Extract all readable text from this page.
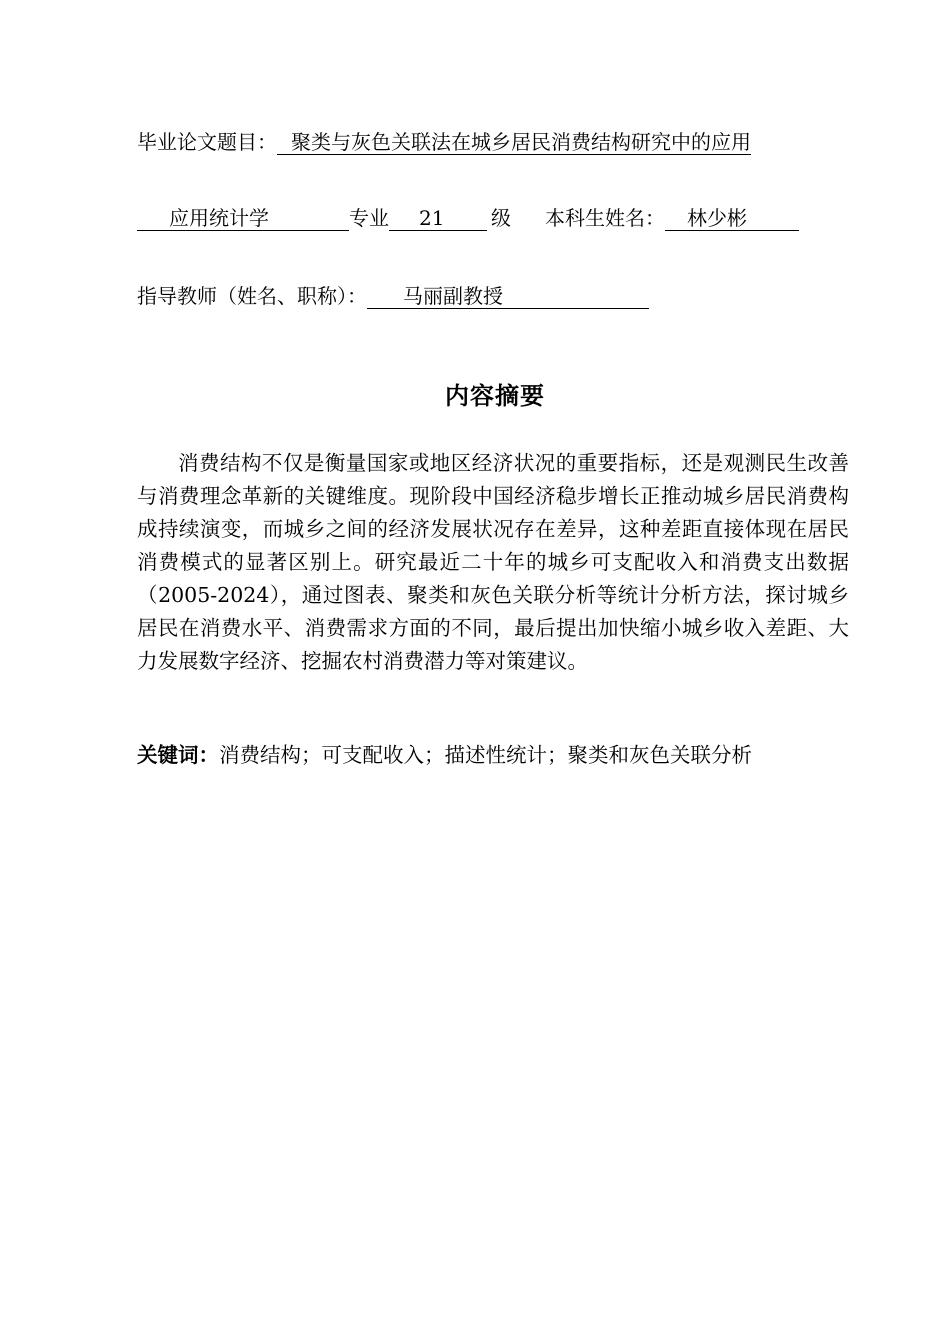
毕业论文题目： 聚类与灰色关联法在城乡居民消费结构研究中的应用
应用统计学	专业 21 级 本科生姓名： 林少彬
指导教师（姓名、职称）： 马丽副教授
内容摘要

消费结构不仅是衡量国家或地区经济状况的重要指标，还是观测民生改善与消费理念革新的关键维度。现阶段中国经济稳步增长正推动城乡居民消费构成持续演变，而城乡之间的经济发展状况存在差异，这种差距直接体现在居民消费模式的显著区别上。研究最近二十年的城乡可支配收入和消费支出数据（2005-2024），通过图表、聚类和灰色关联分析等统计分析方法，探讨城乡居民在消费水平、消费需求方面的不同，最后提出加快缩小城乡收入差距、大力发展数字经济、挖掘农村消费潜力等对策建议。

关键词：消费结构；可支配收入；描述性统计；聚类和灰色关联分析
